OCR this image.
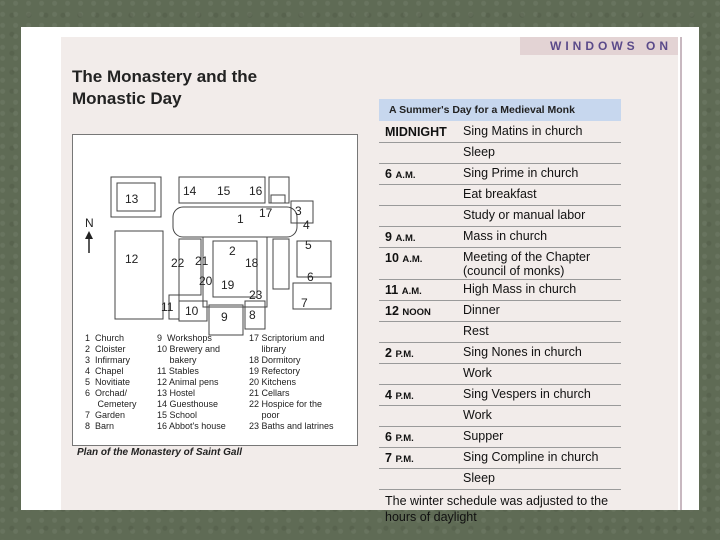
WINDOWS ON
The Monastery and the Monastic Day
1
2
3
4
5
6
7
8
9
10
11
12
13
14 15 16
17
18
19
20
21
22
23
N
1  Church	9  Workshops	17 Scriptorium and
2  Cloister	10 Brewery and	library
3  Infirmary	bakery	18 Dormitory
4  Chapel	11 Stables	19 Refectory
5  Novitiate	12 Animal pens	20 Kitchens
6  Orchad/	13 Hostel	21 Cellars
Cemetery	14 Guesthouse	22 Hospice for the
7  Garden	15 School	poor
8  Barn	16 Abbot's house	23 Baths and latrines
Plan of the Monastery of Saint Gall
A Summer's Day for a Medieval Monk
MIDNIGHT Sing Matins in church
Sleep
6 A.M.	Sing Prime in church
Eat breakfast
Study or manual labor
9 A.M.	Mass in church
10 A.M.	Meeting of the Chapter (council of monks)
11 A.M.	High Mass in church
12 NOON	Dinner
Rest
2 P.M.	Sing Nones in church
Work
4 P.M.	Sing Vespers in church
Work
6 P.M.	Supper
7 P.M.	Sing Compline in church
Sleep
The winter schedule was adjusted to the hours of daylight
